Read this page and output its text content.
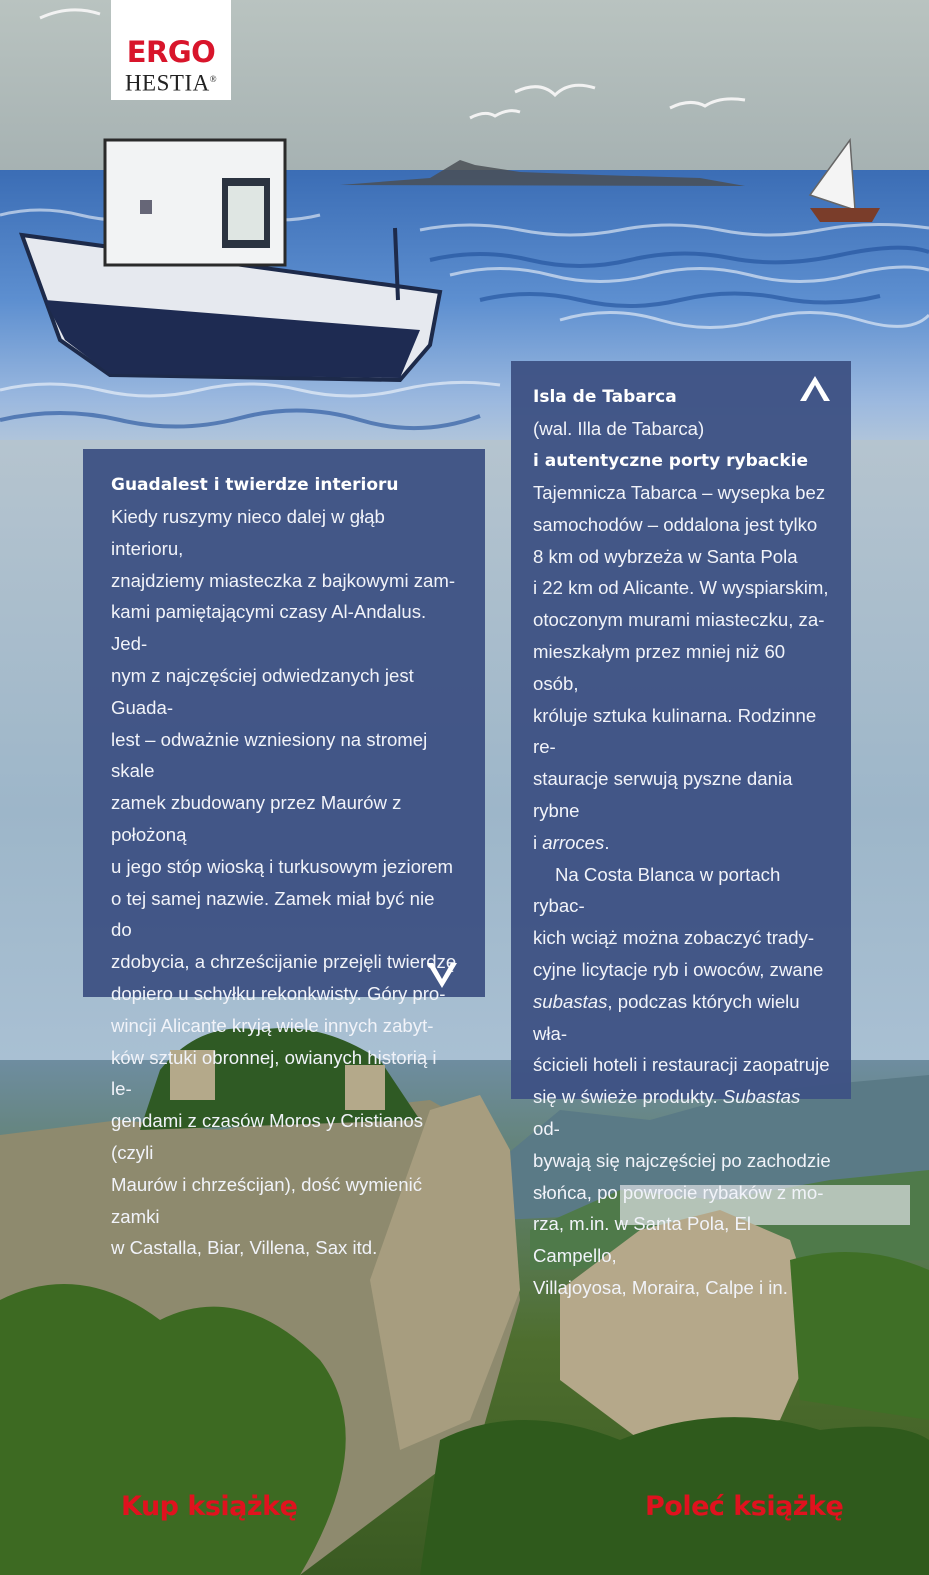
ERGO
HESTIA®

Guadalest i twierdze interioru

Kiedy ruszymy nieco dalej w głąb interioru,

znajdziemy miasteczka z bajkowymi zam-

kami pamiętającymi czasy Al-Andalus. Jed-

nym z najczęściej odwiedzanych jest Guada-

lest – odważnie wzniesiony na stromej skale

zamek zbudowany przez Maurów z położoną

u jego stóp wioską i turkusowym jeziorem

o tej samej nazwie. Zamek miał być nie do

zdobycia, a chrześcijanie przejęli twierdzę

dopiero u schyłku rekonkwisty. Góry pro-

wincji Alicante kryją wiele innych zabyt-

ków sztuki obronnej, owianych historią i le-

gendami z czasów Moros y Cristianos (czyli

Maurów i chrześcijan), dość wymienić zamki

w Castalla, Biar, Villena, Sax itd.

Isla de Tabarca

(wal. Illa de Tabarca)

i autentyczne porty rybackie

Tajemnicza Tabarca – wysepka bez

samochodów – oddalona jest tylko

8 km od wybrzeża w Santa Pola

i 22 km od Alicante. W wyspiarskim,

otoczonym murami miasteczku, za-

mieszkałym przez mniej niż 60 osób,

króluje sztuka kulinarna. Rodzinne re-

stauracje serwują pyszne dania rybne

i arroces.

Na Costa Blanca w portach rybac-

kich wciąż można zobaczyć trady-

cyjne licytacje ryb i owoców, zwane

subastas, podczas których wielu wła-

ścicieli hoteli i restauracji zaopatruje

się w świeże produkty. Subastas od-

bywają się najczęściej po zachodzie

słońca, po powrocie rybaków z mo-

rza, m.in. w Santa Pola, El Campello,

Villajoyosa, Moraira, Calpe i in.

Kup książkę	Poleć książkę
